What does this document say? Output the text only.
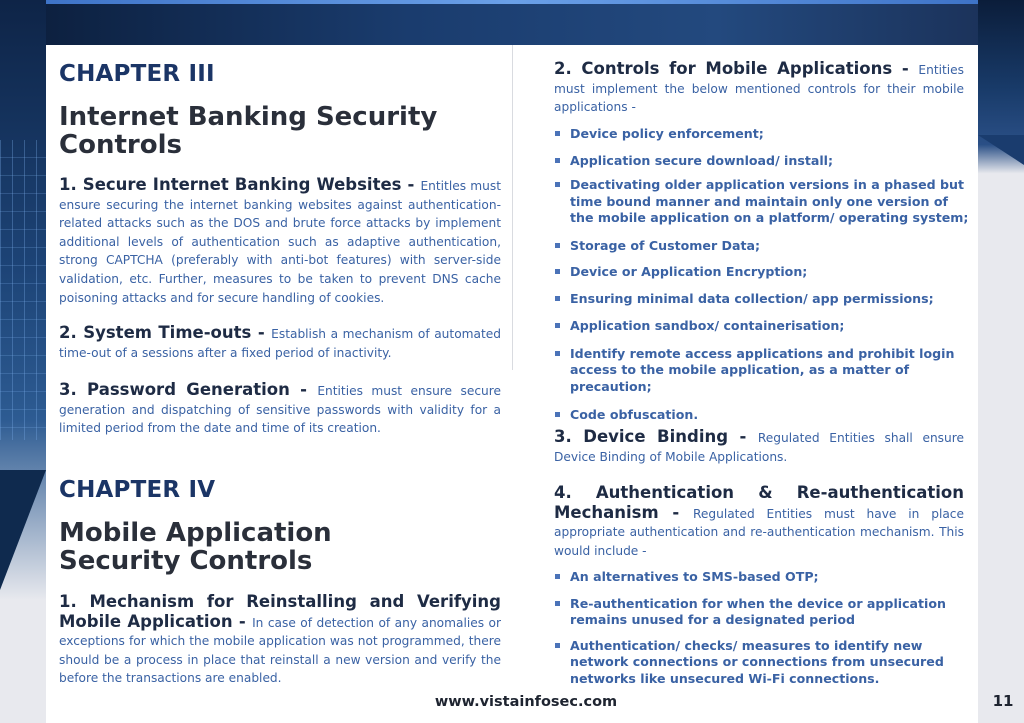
CHAPTER III
Internet Banking Security Controls

1. Secure Internet Banking Websites - Entitles must ensure securing the internet banking websites against authentication-related attacks such as the DOS and brute force attacks by implement additional levels of authentication such as adaptive authentication, strong CAPTCHA (preferably with anti-bot features) with server-side validation, etc. Further, measures to be taken to prevent DNS cache poisoning attacks and for secure handling of cookies.

2. System Time-outs - Establish a mechanism of automated time-out of a sessions after a fixed period of inactivity.

3. Password Generation - Entities must ensure secure generation and dispatching of sensitive passwords with validity for a limited period from the date and time of its creation.

CHAPTER IV
Mobile Application Security Controls

1. Mechanism for Reinstalling and Verifying Mobile Application - In case of detection of any anomalies or exceptions for which the mobile application was not programmed, there should be a process in place that reinstall a new version and verify the before the transactions are enabled.

2. Controls for Mobile Applications - Entities must implement the below mentioned controls for their mobile applications -

Device policy enforcement;
Application secure download/ install;
Deactivating older application versions in a phased but time bound manner and maintain only one version of the mobile application on a platform/ operating system;
Storage of Customer Data;
Device or Application Encryption;
Ensuring minimal data collection/ app permissions;
Application sandbox/ containerisation;
Identify remote access applications and prohibit login access to the mobile application, as a matter of precaution;
Code obfuscation.

3. Device Binding - Regulated Entities shall ensure Device Binding of Mobile Applications.

4. Authentication & Re-authentication Mechanism - Regulated Entities must have in place appropriate authentication and re-authentication mechanism. This would include -

An alternatives to SMS-based OTP;
Re-authentication for when the device or application remains unused for a designated period
Authentication/ checks/ measures to identify new network connections or connections from unsecured networks like unsecured Wi-Fi connections.
www.vistainfosec.com	11
